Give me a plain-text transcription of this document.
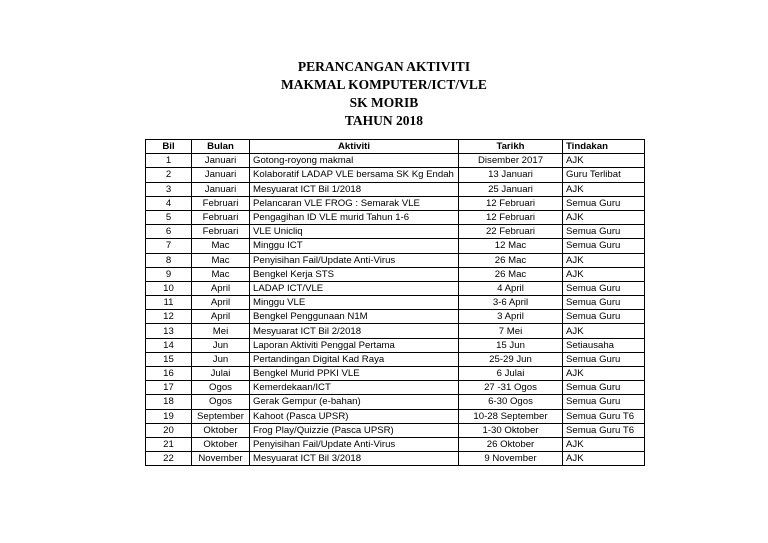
PERANCANGAN AKTIVITI
MAKMAL KOMPUTER/ICT/VLE
SK MORIB
TAHUN 2018
Bil	Bulan	Aktiviti	Tarikh	Tindakan
1	Januari	Gotong-royong makmal	Disember 2017	AJK
2	Januari	Kolaboratif LADAP VLE bersama SK Kg Endah	13 Januari	Guru Terlibat
3	Januari	Mesyuarat ICT Bil 1/2018	25 Januari	AJK
4	Februari	Pelancaran VLE FROG : Semarak VLE	12 Februari	Semua Guru
5	Februari	Pengagihan ID VLE murid Tahun 1-6	12 Februari	AJK
6	Februari	VLE Unicliq	22 Februari	Semua Guru
7	Mac	Minggu ICT	12 Mac	Semua Guru
8	Mac	Penyisihan Fail/Update Anti-Virus	26 Mac	AJK
9	Mac	Bengkel Kerja STS	26 Mac	AJK
10	April	LADAP ICT/VLE	4 April	Semua Guru
11	April	Minggu VLE	3-6 April	Semua Guru
12	April	Bengkel Penggunaan N1M	3 April	Semua Guru
13	Mei	Mesyuarat ICT Bil 2/2018	7 Mei	AJK
14	Jun	Laporan Aktiviti Penggal Pertama	15 Jun	Setiausaha
15	Jun	Pertandingan Digital Kad Raya	25-29 Jun	Semua Guru
16	Julai	Bengkel Murid PPKI VLE	6 Julai	AJK
17	Ogos	Kemerdekaan/ICT	27 -31 Ogos	Semua Guru
18	Ogos	Gerak Gempur (e-bahan)	6-30 Ogos	Semua Guru
19	September	Kahoot (Pasca UPSR)	10-28 September	Semua Guru T6
20	Oktober	Frog Play/Quizzie (Pasca UPSR)	1-30 Oktober	Semua Guru T6
21	Oktober	Penyisihan Fail/Update Anti-Virus	26 Oktober	AJK
22	November	Mesyuarat ICT Bil 3/2018	9 November	AJK
